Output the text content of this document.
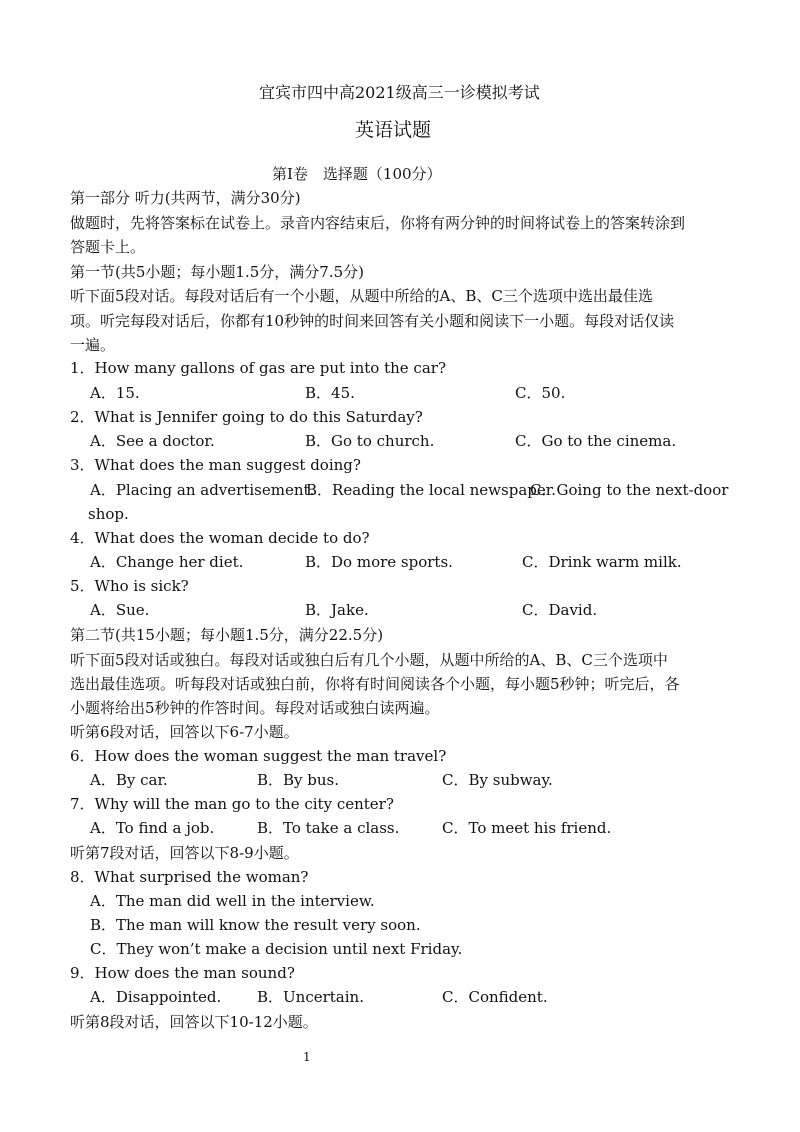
宜宾市四中高2021级高三一诊模拟考试
英语试题
第Ⅰ卷　选择题（100分）
第一部分 听力(共两节，满分30分)
做题时，先将答案标在试卷上。录音内容结束后，你将有两分钟的时间将试卷上的答案转涂到
答题卡上。
第一节(共5小题；每小题1.5分，满分7.5分)
听下面5段对话。每段对话后有一个小题，从题中所给的A、B、C三个选项中选出最佳选
项。听完每段对话后，你都有10秒钟的时间来回答有关小题和阅读下一小题。每段对话仅读
一遍。
1．How many gallons of gas are put into the car?
A．15.	B．45.	C．50.
2．What is Jennifer going to do this Saturday?
A．See a doctor.	B．Go to church.	C．Go to the cinema.
3．What does the man suggest doing?
A．Placing an advertisement.
B．Reading the local newspaper.
C．Going to the next-door
shop.
4．What does the woman decide to do?
A．Change her diet.	B．Do more sports.	C．Drink warm milk.
5．Who is sick?
A．Sue.	B．Jake.	C．David.
第二节(共15小题；每小题1.5分，满分22.5分)
听下面5段对话或独白。每段对话或独白后有几个小题，从题中所给的A、B、C三个选项中
选出最佳选项。听每段对话或独白前，你将有时间阅读各个小题，每小题5秒钟；听完后，各
小题将给出5秒钟的作答时间。每段对话或独白读两遍。
听第6段对话，回答以下6-7小题。
6．How does the woman suggest the man travel?
A．By car.	B．By bus.	C．By subway.
7．Why will the man go to the city center?
A．To find a job.	B．To take a class.	C．To meet his friend.
听第7段对话，回答以下8-9小题。
8．What surprised the woman?
A．The man did well in the interview.
B．The man will know the result very soon.
C．They won’t make a decision until next Friday.
9．How does the man sound?
A．Disappointed. B．Uncertain.	C．Confident.
听第8段对话，回答以下10-12小题。
1
